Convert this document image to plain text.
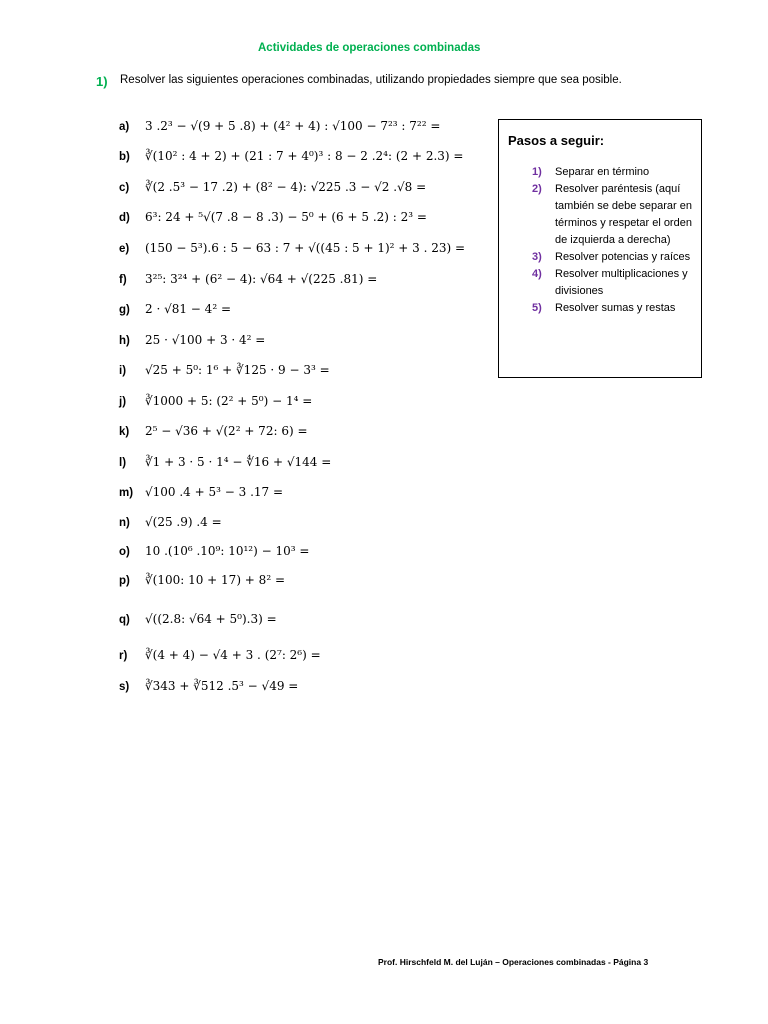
Actividades de operaciones combinadas
1) Resolver las siguientes operaciones combinadas, utilizando propiedades siempre que sea posible.
a) 3 .2³ − √(9 + 5 .8) + (4² + 4) : √100 − 7²³ : 7²² =
b) ∛(10² : 4 + 2) + (21 : 7 + 4⁰)³ : 8 − 2 .2⁴: (2 + 2.3) =
c) ∛(2 .5³ − 17 .2) + (8² − 4): √225 .3 − √2 .√8 =
d) 6³: 24 + ⁵√(7 .8 − 8 .3) − 5⁰ + (6 + 5 .2) : 2³ =
e) (150 − 5³).6 : 5 − 63 : 7 + √((45 : 5 + 1)² + 3 . 23) =
f)3²⁵: 3²⁴ + (6² − 4): √64 + √(225 .81) =
g) 2 · √81 − 4² =
h) 25 · √100 + 3 · 4² =
i) √25 + 5⁰: 1⁶ + ∛125 · 9 − 3³ =
j) ∛1000 + 5: (2² + 5⁰) − 1⁴ =
k) 2⁵ − √36 + √(2² + 72: 6) =
l) ∛1 + 3 · 5 · 1⁴ − ∜16 + √144 =
m) √100 .4 + 5³ − 3 .17 =
n)√(25 .9) .4 =
o) 10 .(10⁶ .10⁹: 10¹²) − 10³ =
p) ∛(100: 10 + 17) + 8² =
q) √((2.8: √64 + 5⁰).3) =
r) ∛(4 + 4) − √4 + 3 . (2⁷: 2⁶) =
s) ∛343 + ∛512 .5³ − √49 =
Pasos a seguir:
1)	Separar en término
2)	Resolver paréntesis (aquí también se debe separar en términos y respetar el orden de izquierda a derecha)
3)	Resolver potencias y raíces
4)	Resolver multiplicaciones y divisiones
5)	Resolver sumas y restas
Prof. Hirschfeld M. del Luján – Operaciones combinadas - Página 3
